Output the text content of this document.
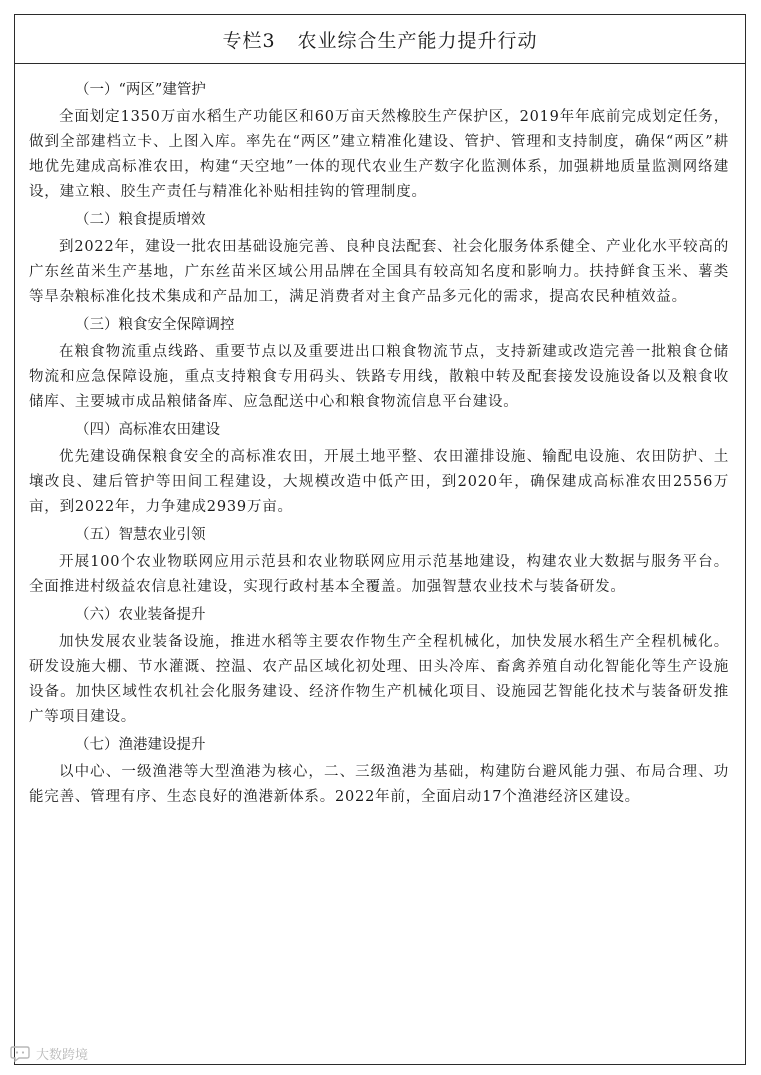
专栏3 农业综合生产能力提升行动
（一）“两区”建管护

全面划定1350万亩水稻生产功能区和60万亩天然橡胶生产保护区，2019年年底前完成划定任务，做到全部建档立卡、上图入库。率先在“两区”建立精准化建设、管护、管理和支持制度，确保“两区”耕地优先建成高标准农田，构建“天空地”一体的现代农业生产数字化监测体系，加强耕地质量监测网络建设，建立粮、胶生产责任与精准化补贴相挂钩的管理制度。

（二）粮食提质增效

到2022年，建设一批农田基础设施完善、良种良法配套、社会化服务体系健全、产业化水平较高的广东丝苗米生产基地，广东丝苗米区域公用品牌在全国具有较高知名度和影响力。扶持鲜食玉米、薯类等旱杂粮标准化技术集成和产品加工，满足消费者对主食产品多元化的需求，提高农民种植效益。

（三）粮食安全保障调控

在粮食物流重点线路、重要节点以及重要进出口粮食物流节点，支持新建或改造完善一批粮食仓储物流和应急保障设施，重点支持粮食专用码头、铁路专用线，散粮中转及配套接发设施设备以及粮食收储库、主要城市成品粮储备库、应急配送中心和粮食物流信息平台建设。

（四）高标准农田建设

优先建设确保粮食安全的高标准农田，开展土地平整、农田灌排设施、输配电设施、农田防护、土壤改良、建后管护等田间工程建设，大规模改造中低产田，到2020年，确保建成高标准农田2556万亩，到2022年，力争建成2939万亩。

（五）智慧农业引领

开展100个农业物联网应用示范县和农业物联网应用示范基地建设，构建农业大数据与服务平台。全面推进村级益农信息社建设，实现行政村基本全覆盖。加强智慧农业技术与装备研发。

（六）农业装备提升

加快发展农业装备设施，推进水稻等主要农作物生产全程机械化，加快发展水稻生产全程机械化。研发设施大棚、节水灌溉、控温、农产品区域化初处理、田头冷库、畜禽养殖自动化智能化等生产设施设备。加快区域性农机社会化服务建设、经济作物生产机械化项目、设施园艺智能化技术与装备研发推广等项目建设。

（七）渔港建设提升

以中心、一级渔港等大型渔港为核心，二、三级渔港为基础，构建防台避风能力强、布局合理、功能完善、管理有序、生态良好的渔港新体系。2022年前，全面启动17个渔港经济区建设。

大数跨境
